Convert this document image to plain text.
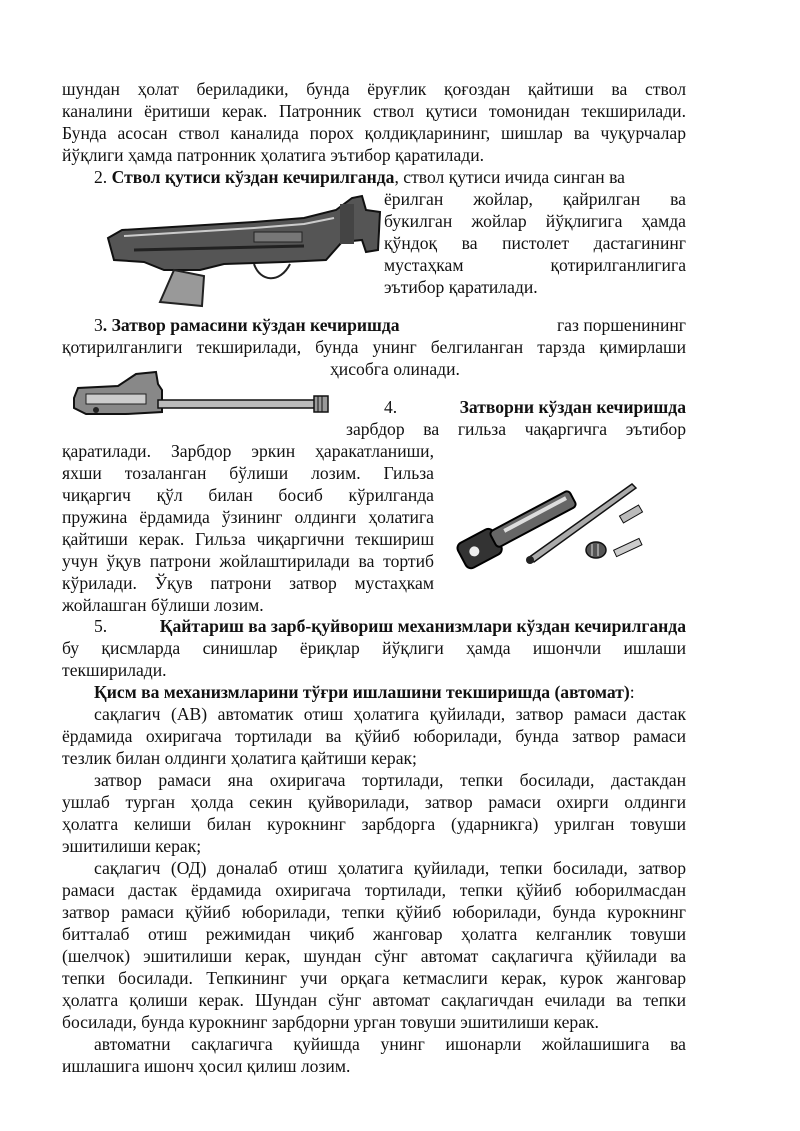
шундан ҳолат бериладики, бунда ёруғлик қоғоздан қайтиши ва ствол
каналини ёритиши керак. Патронник ствол қутиси томонидан текширилади.
Бунда асосан ствол каналида порох қолдиқларининг, шишлар ва чуқурчалар
йўқлиги ҳамда патронник ҳолатига эътибор қаратилади.
2. Ствол қутиси кўздан кечирилганда, ствол қутиси ичида синган ва
ёрилган жойлар, қайрилган ва
букилган жойлар йўқлигига ҳамда
қўндоқ ва пистолет дастагининг
мустаҳкам қотирилганлигига
эътибор қаратилади.
3. Затвор рамасини кўздан кечиришда	газ поршенининг
қотирилганлиги текширилади, бунда унинг белгиланган тарзда қимирлаши
ҳисобга олинади.
4.	Затворни кўздан кечиришда
зарбдор ва гильза чақаргичга эътибор
қаратилади. Зарбдор эркин ҳаракатланиши,
яхши тозаланган бўлиши лозим. Гильза
чиқаргич қўл билан босиб кўрилганда
пружина ёрдамида ўзининг олдинги ҳолатига
қайтиши керак. Гильза чиқаргични текшириш
учун ўқув патрони жойлаштирилади ва тортиб
кўрилади. Ўқув патрони затвор мустаҳкам
жойлашган бўлиши лозим.
5.	Қайтариш ва зарб-қуйвориш механизмлари кўздан кечирилганда
бу қисмларда синишлар ёриқлар йўқлиги ҳамда ишончли ишлаши
текширилади.
Қисм ва механизмларини тўғри ишлашини текширишда (автомат):
сақлагич (АВ) автоматик отиш ҳолатига қуйилади, затвор рамаси дастак
ёрдамида охиригача тортилади ва қўйиб юборилади, бунда затвор рамаси
тезлик билан олдинги ҳолатига қайтиши керак;
затвор рамаси яна охиригача тортилади, тепки босилади, дастакдан
ушлаб турган ҳолда секин қуйворилади, затвор рамаси охирги олдинги
ҳолатга келиши билан курокнинг зарбдорга (ударникга) урилган товуши
эшитилиши керак;
сақлагич (ОД) доналаб отиш ҳолатига қуйилади, тепки босилади, затвор
рамаси дастак ёрдамида охиригача тортилади, тепки қўйиб юборилмасдан
затвор рамаси қўйиб юборилади, тепки қўйиб юборилади, бунда курокнинг
битталаб отиш режимидан чиқиб жанговар ҳолатга келганлик товуши
(шелчок) эшитилиши керак, шундан сўнг автомат сақлагичга қўйилади ва
тепки босилади. Тепкининг учи орқага кетмаслиги керак, курок жанговар
ҳолатга қолиши керак. Шундан сўнг автомат сақлагичдан ечилади ва тепки
босилади, бунда курокнинг зарбдорни урган товуши эшитилиши керак.
автоматни сақлагичга қуйишда унинг ишонарли жойлашишига ва
ишлашига ишонч ҳосил қилиш лозим.
